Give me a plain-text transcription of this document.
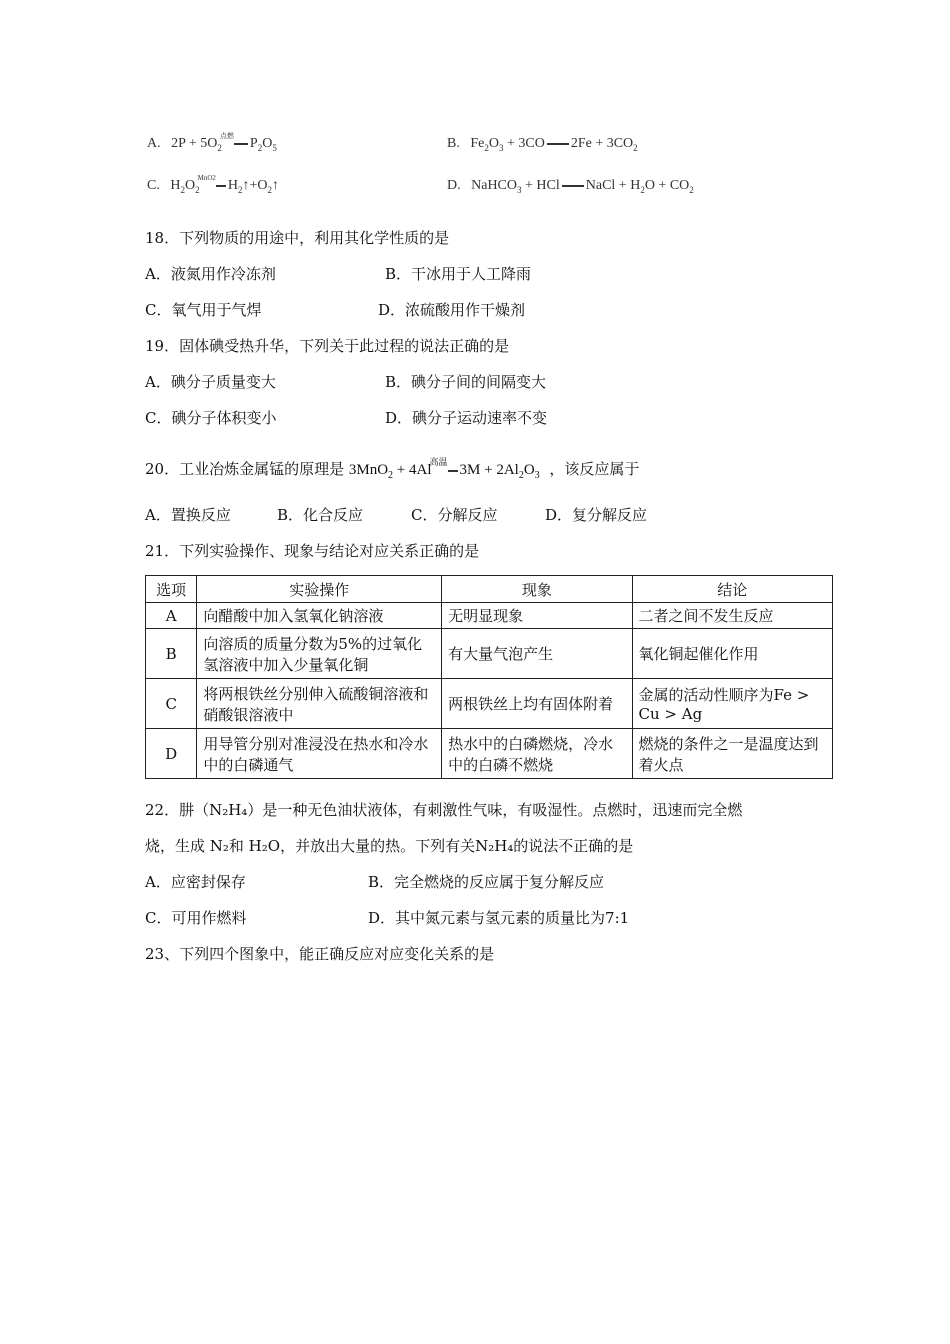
A. $2P + 5O_2^{点燃}$ $P_2O_5$	B. $Fe_2O_3 + 3CO$ $2Fe + 3CO_2$
C. $H_2O_2^{MnO2}$ $H_2↑+O_2↑$	D. NaHCO$_3$ + HCl NaCl + $H_2O + CO_2$
18．下列物质的用途中，利用其化学性质的是
A．液氮用作冷冻剂	B．干冰用于人工降雨
C．氧气用于气焊	D．浓硫酸用作干燥剂
19．固体碘受热升华，下列关于此过程的说法正确的是
A．碘分子质量变大	B．碘分子间的间隔变大
C．碘分子体积变小	D．碘分子运动速率不变
20．工业冶炼金属锰的原理是 $3MnO_2 + 4Al^{高温}$ $3M + 2Al_2O_3$ ，该反应属于
A．置换反应	B．化合反应	C．分解反应	D．复分解反应
21．下列实验操作、现象与结论对应关系正确的是
选项	实验操作	现象	结论
A	向醋酸中加入氢氧化钠溶液	无明显现象	二者之间不发生反应
B	向溶质的质量分数为5%的过氧化氢溶液中加入少量氧化铜	有大量气泡产生	氧化铜起催化作用
C	将两根铁丝分别伸入硫酸铜溶液和硝酸银溶液中	两根铁丝上均有固体附着	金属的活动性顺序为Fe > Cu > Ag
D	用导管分别对准浸没在热水和冷水中的白磷通气	热水中的白磷燃烧，冷水中的白磷不燃烧	燃烧的条件之一是温度达到着火点
22．肼（N₂H₄）是一种无色油状液体，有刺激性气味，有吸湿性。点燃时，迅速而完全燃
烧，生成 N₂和 H₂O，并放出大量的热。下列有关N₂H₄的说法不正确的是
A．应密封保存	B．完全燃烧的反应属于复分解反应
C．可用作燃料	D．其中氮元素与氢元素的质量比为7:1
23、下列四个图象中，能正确反应对应变化关系的是
